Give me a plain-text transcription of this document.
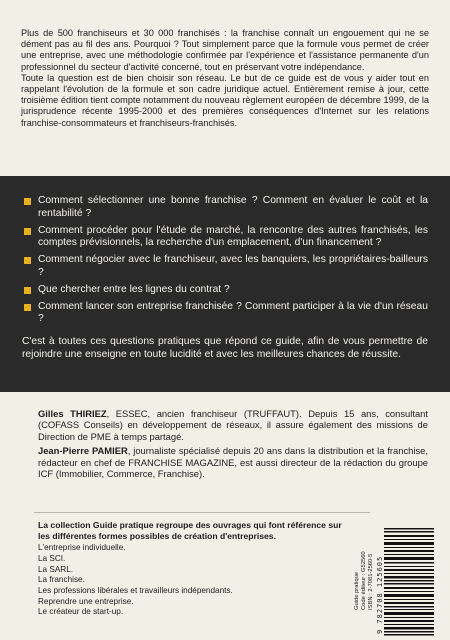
Plus de 500 franchiseurs et 30 000 franchisés : la franchise connaît un engouement qui ne se dément pas au fil des ans. Pourquoi ? Tout simplement parce que la formule vous permet de créer une entreprise, avec une méthodologie confirmée par l'expérience et l'assistance permanente d'un professionnel du secteur d'activité concerné, tout en préservant votre indépendance.

Toute la question est de bien choisir son réseau. Le but de ce guide est de vous y aider tout en rappelant l'évolution de la formule et son cadre juridique actuel. Entièrement remise à jour, cette troisième édition tient compte notamment du nouveau règlement européen de décembre 1999, de la jurisprudence récente 1995-2000 et des premières conséquences d'Internet sur les relations franchise-consommateurs et franchiseurs-franchisés.

Comment sélectionner une bonne franchise ? Comment en évaluer le coût et la rentabilité ?
Comment procéder pour l'étude de marché, la rencontre des autres franchisés, les comptes prévisionnels, la recherche d'un emplacement, d'un financement ?
Comment négocier avec le franchiseur, avec les banquiers, les propriétaires-bailleurs ?
Que chercher entre les lignes du contrat ?
Comment lancer son entreprise franchisée ? Comment participer à la vie d'un réseau ?

C'est à toutes ces questions pratiques que répond ce guide, afin de vous permettre de rejoindre une enseigne en toute lucidité et avec les meilleures chances de réussite.

Gilles THIRIEZ, ESSEC, ancien franchiseur (TRUFFAUT). Depuis 15 ans, consultant (COFASS Conseils) en développement de réseaux, il assure également des missions de Direction de PME à temps partagé.

Jean-Pierre PAMIER, journaliste spécialisé depuis 20 ans dans la distribution et la franchise, rédacteur en chef de FRANCHISE MAGAZINE, est aussi directeur de la rédaction du groupe ICF (Immobilier, Commerce, Franchise).

La collection Guide pratique regroupe des ouvrages qui font référence sur les différentes formes possibles de création d'entreprises.

L'entreprise individuelle.
La SCI.
La SARL.
La franchise.
Les professions libérales et travailleurs indépendants.
Reprendre une entreprise.
Le créateur de start-up.
Guide pratique Code éditeur : G52560 ISBN : 2-7081-2560-5 9 782708 125605
